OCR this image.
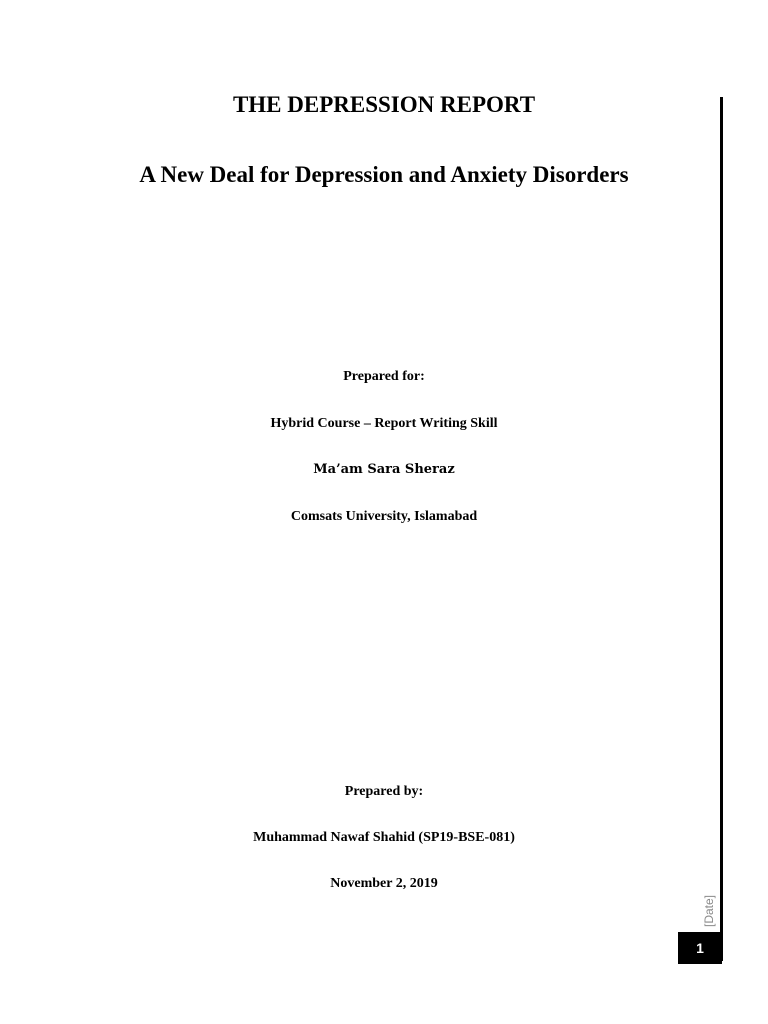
THE DEPRESSION REPORT
A New Deal for Depression and Anxiety Disorders
Prepared for:
Hybrid Course – Report Writing Skill
Ma’am Sara Sheraz
Comsats University, Islamabad
Prepared by:
Muhammad Nawaf Shahid (SP19-BSE-081)
November 2, 2019
[Date]
1
